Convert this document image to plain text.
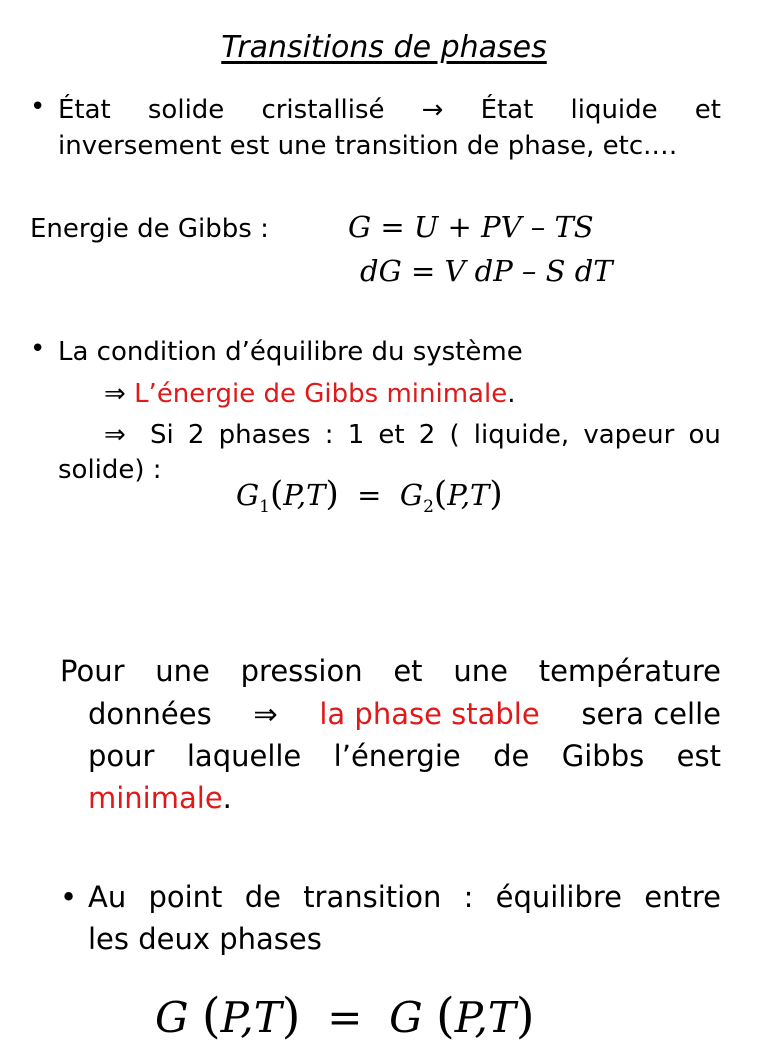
Transitions de phases
• État solide cristallisé → État liquide et
inversement est une transition de phase, etc.…
Energie de Gibbs :	G = U + PV – TS
dG = V dP – S dT
• La condition d’équilibre du système
⇒ L’énergie de Gibbs minimale.
⇒ Si 2 phases : 1 et 2 ( liquide, vapeur ou
solide) :
$G_1(P,T) = G_2(P,T)$
Pour une pression et une température
données ⇒ la phase stable sera celle
pour laquelle l’énergie de Gibbs est
minimale.
• Au point de transition : équilibre entre
les deux phases
G (P,T) = G (P,T)
